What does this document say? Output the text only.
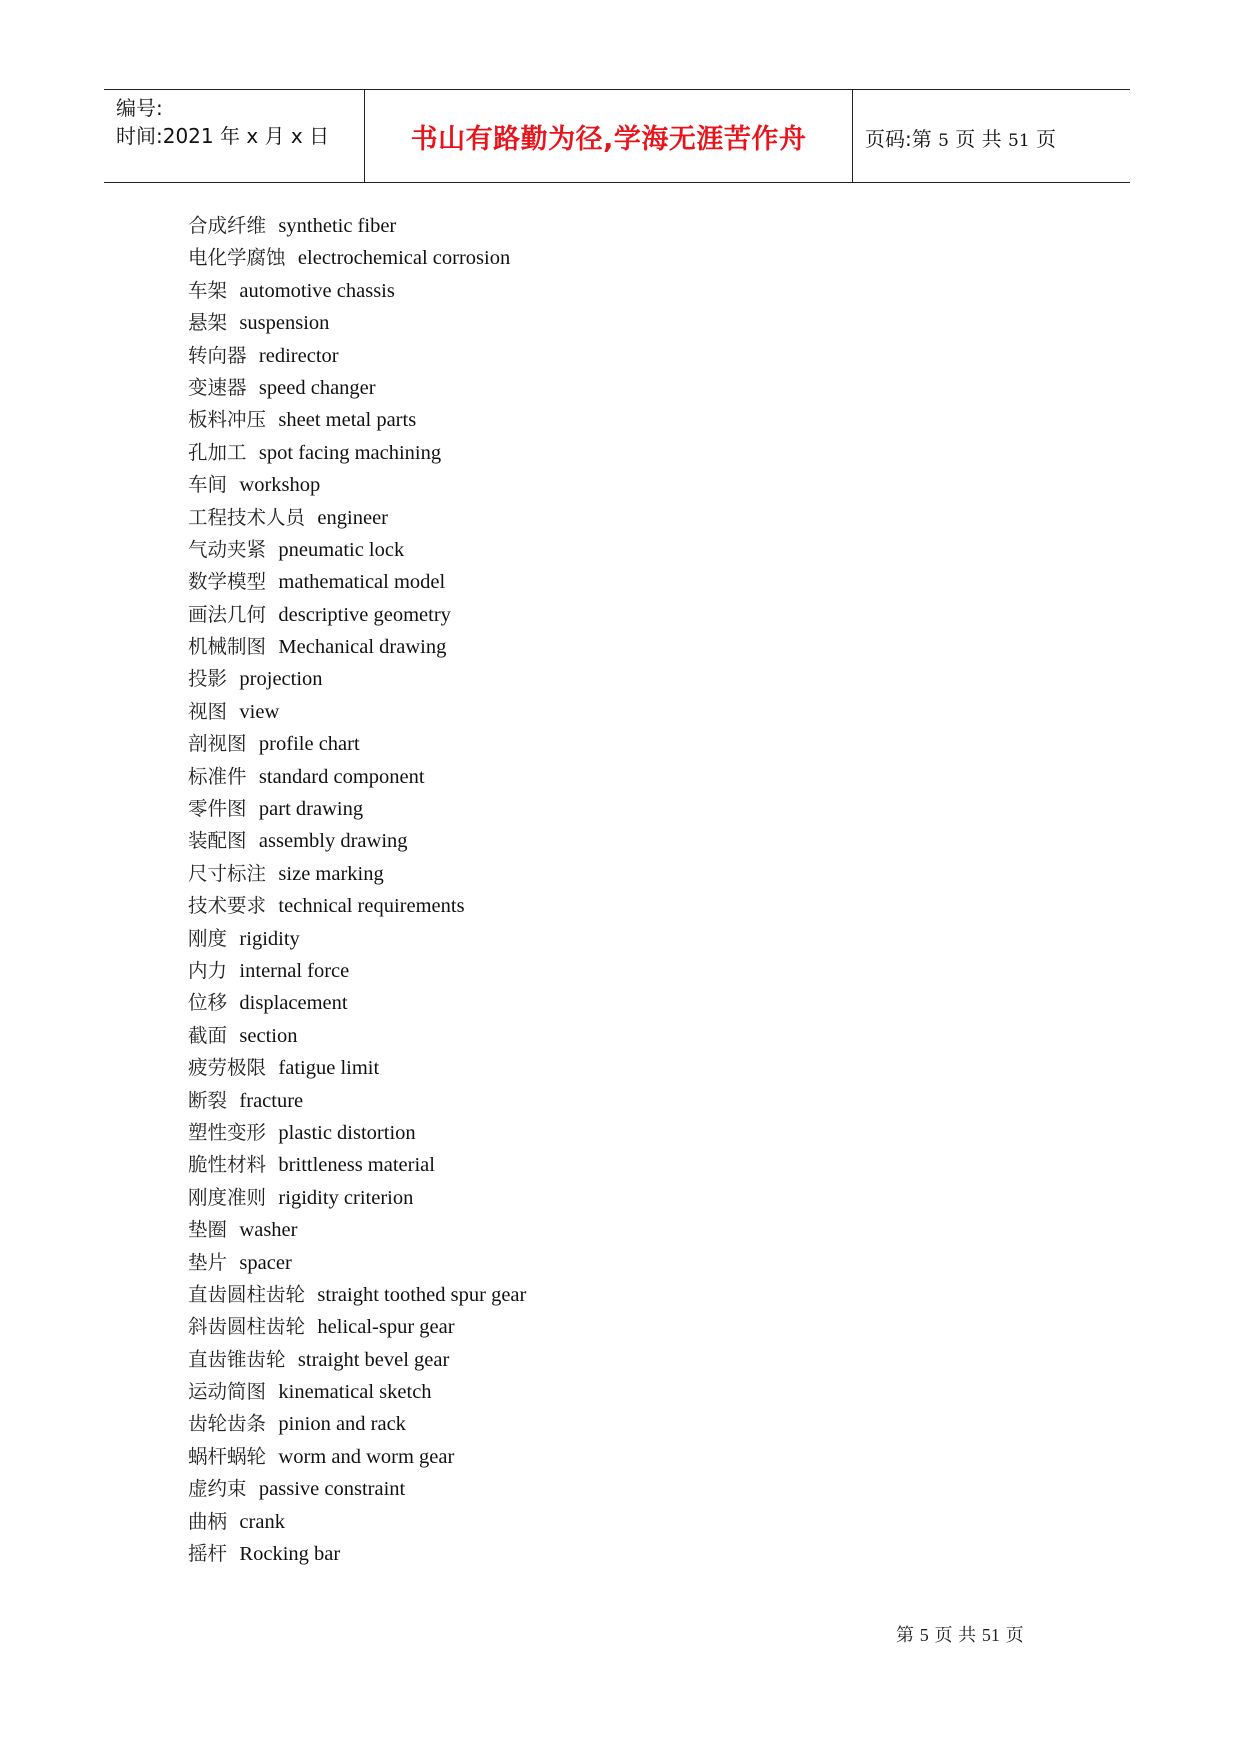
编号:
时间:2021 年 x 月 x 日	书山有路勤为径,学海无涯苦作舟	页码:第 5 页 共 51 页
合成纤维 synthetic fiber
电化学腐蚀 electrochemical corrosion
车架 automotive chassis
悬架 suspension
转向器 redirector
变速器 speed changer
板料冲压 sheet metal parts
孔加工 spot facing machining
车间 workshop
工程技术人员 engineer
气动夹紧 pneumatic lock
数学模型 mathematical model
画法几何 descriptive geometry
机械制图 Mechanical drawing
投影 projection
视图 view
剖视图 profile chart
标准件 standard component
零件图 part drawing
装配图 assembly drawing
尺寸标注 size marking
技术要求 technical requirements
刚度 rigidity
内力 internal force
位移 displacement
截面 section
疲劳极限 fatigue limit
断裂 fracture
塑性变形 plastic distortion
脆性材料 brittleness material
刚度准则 rigidity criterion
垫圈 washer
垫片 spacer
直齿圆柱齿轮 straight toothed spur gear
斜齿圆柱齿轮 helical-spur gear
直齿锥齿轮 straight bevel gear
运动简图 kinematical sketch
齿轮齿条 pinion and rack
蜗杆蜗轮 worm and worm gear
虚约束 passive constraint
曲柄 crank
摇杆 Rocking bar
第 5 页 共 51 页
